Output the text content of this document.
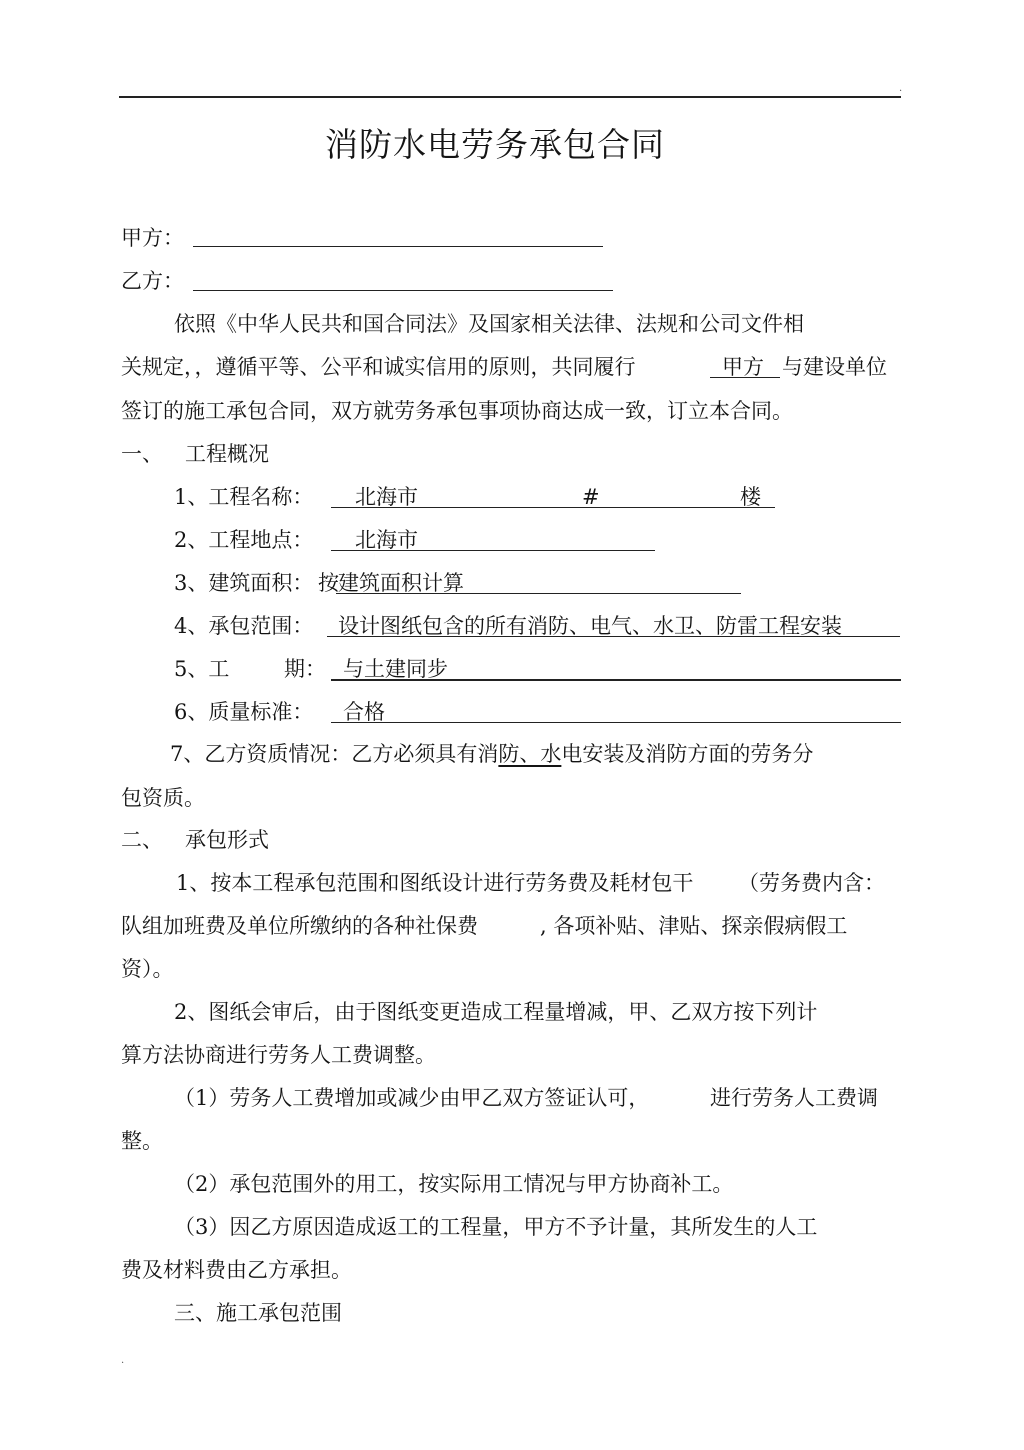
.
消防水电劳务承包合同
甲方：
乙方：
依照《中华人民共和国合同法》及国家相关法律、法规和公司文件相
关规定，，遵循平等、公平和诚实信用的原则，共同履行	甲方 与建设单位
签订的施工承包合同，双方就劳务承包事项协商达成一致，订立本合同。
一、 工程概况
1、工程名称： 北海市	#	楼
2、工程地点： 北海市
3、建筑面积： 按 建筑面积计算
4、承包范围： 设计图纸包含的所有消防、电气、水卫、防雷工程安装
5、工	期： 与土建同步
6、质量标准： 合格
7、乙方资质情况：乙方必须具有消防、水电安装及消防方面的劳务分
包资质。
二、 承包形式
1、按本工程承包范围和图纸设计进行劳务费及耗材包干 （劳务费内含：
队组加班费及单位所缴纳的各种社保费	, 各项补贴、津贴、探亲假病假工
资）。
2、图纸会审后，由于图纸变更造成工程量增减，甲、乙双方按下列计
算方法协商进行劳务人工费调整。
（1）劳务人工费增加或减少由甲乙双方签证认可，	进行劳务人工费调
整。
（2）承包范围外的用工，按实际用工情况与甲方协商补工。
（3）因乙方原因造成返工的工程量，甲方不予计量，其所发生的人工
费及材料费由乙方承担。
三、施工承包范围
.
